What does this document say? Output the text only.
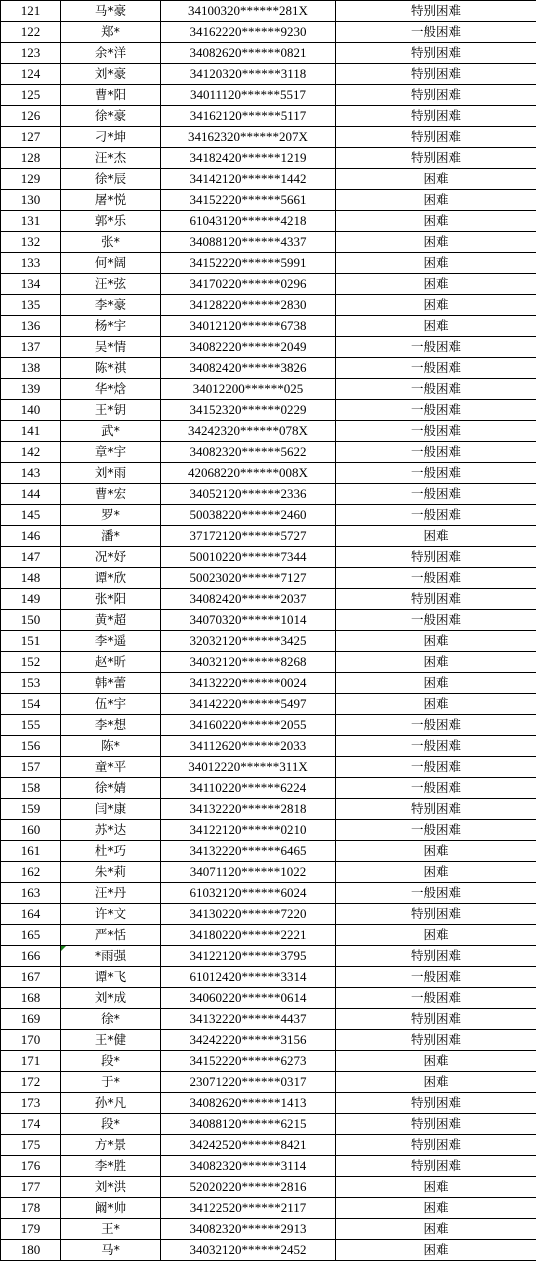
121	马*豪	34100320******281X	特别困难
122	郑*	34162220******9230	一般困难
123	余*洋	34082620******0821	特别困难
124	刘*豪	34120320******3118	特别困难
125	曹*阳	34011120******5517	特别困难
126	徐*豪	34162120******5117	特别困难
127	刁*坤	34162320******207X	特别困难
128	汪*杰	34182420******1219	特别困难
129	徐*辰	34142120******1442	困难
130	屠*悦	34152220******5661	困难
131	郭*乐	61043120******4218	困难
132	张*	34088120******4337	困难
133	何*阔	34152220******5991	困难
134	汪*弦	34170220******0296	困难
135	李*豪	34128220******2830	困难
136	杨*宇	34012120******6738	困难
137	吴*情	34082220******2049	一般困难
138	陈*祺	34082420******3826	一般困难
139	华*焓	34012200******025	一般困难
140	王*钥	34152320******0229	一般困难
141	武*	34242320******078X	一般困难
142	章*宇	34082320******5622	一般困难
143	刘*雨	42068220******008X	一般困难
144	曹*宏	34052120******2336	一般困难
145	罗*	50038220******2460	一般困难
146	潘*	37172120******5727	困难
147	况*妤	50010220******7344	特别困难
148	谭*欣	50023020******7127	一般困难
149	张*阳	34082420******2037	特别困难
150	黄*超	34070320******1014	一般困难
151	李*遥	32032120******3425	困难
152	赵*昕	34032120******8268	困难
153	韩*蕾	34132220******0024	困难
154	伍*宇	34142220******5497	困难
155	李*想	34160220******2055	一般困难
156	陈*	34112620******2033	一般困难
157	童*平	34012220******311X	一般困难
158	徐*婧	34110220******6224	一般困难
159	闫*康	34132220******2818	特别困难
160	苏*达	34122120******0210	一般困难
161	杜*巧	34132220******6465	困难
162	朱*莉	34071120******1022	困难
163	汪*丹	61032120******6024	一般困难
164	许*文	34130220******7220	特别困难
165	严*恬	34180220******2221	困难
166	*雨强	34122120******3795	特别困难
167	谭*飞	61012420******3314	一般困难
168	刘*成	34060220******0614	一般困难
169	徐*	34132220******4437	特别困难
170	王*健	34242220******3156	特别困难
171	段*	34152220******6273	困难
172	于*	23071220******0317	困难
173	孙*凡	34082620******1413	特别困难
174	段*	34088120******6215	特别困难
175	方*景	34242520******8421	特别困难
176	李*胜	34082320******3114	特别困难
177	刘*洪	52020220******2816	困难
178	阚*帅	34122520******2117	困难
179	王*	34082320******2913	困难
180	马*	34032120******2452	困难
